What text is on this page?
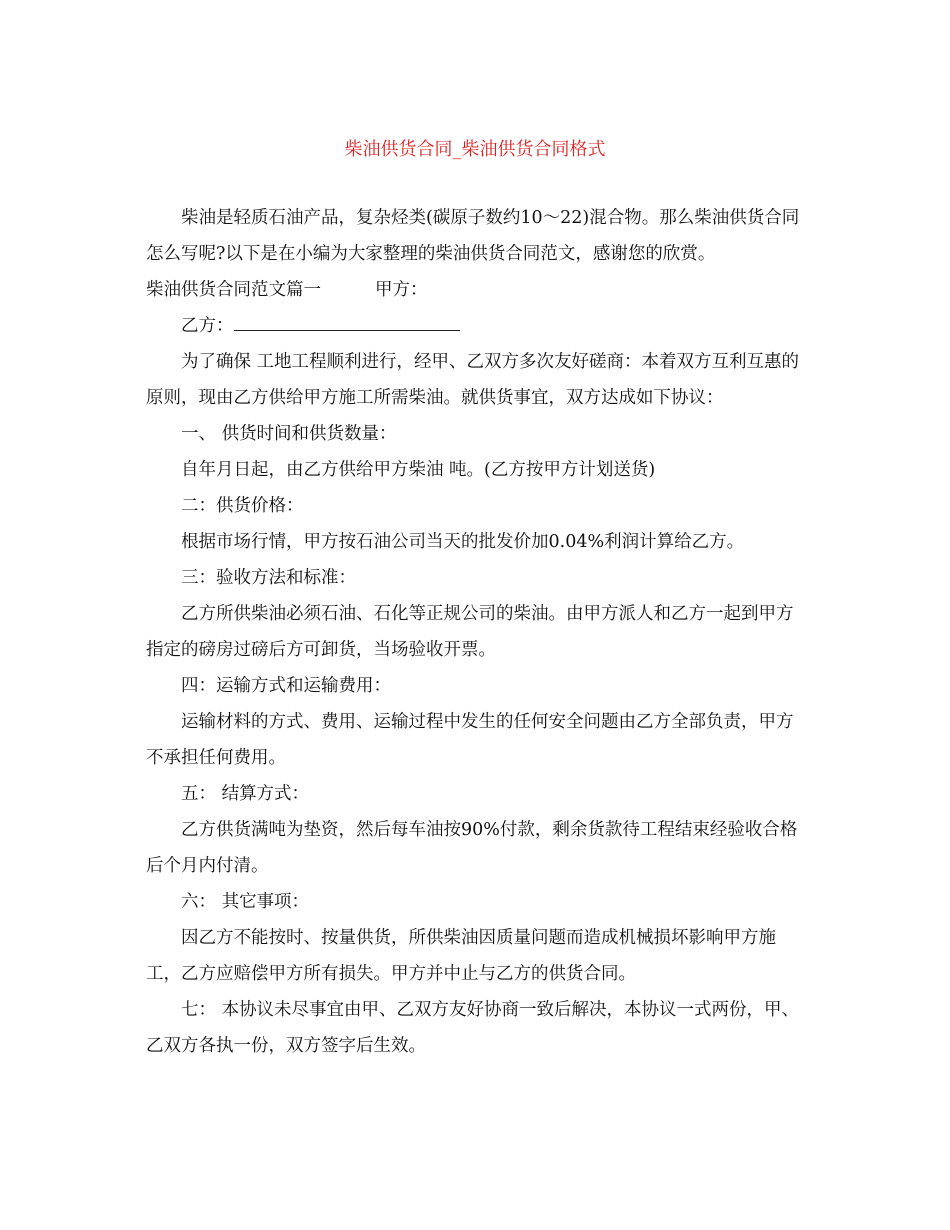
柴油供货合同_柴油供货合同格式

柴油是轻质石油产品，复杂烃类(碳原子数约10～22)混合物。那么柴油供货合同怎么写呢?以下是在小编为大家整理的柴油供货合同范文，感谢您的欣赏。

柴油供货合同范文篇一	甲方：

乙方：

为了确保 工地工程顺利进行，经甲、乙双方多次友好磋商：本着双方互利互惠的原则，现由乙方供给甲方施工所需柴油。就供货事宜，双方达成如下协议：

一、 供货时间和供货数量：

自年月日起，由乙方供给甲方柴油 吨。(乙方按甲方计划送货)

二：供货价格：

根据市场行情，甲方按石油公司当天的批发价加0.04%利润计算给乙方。

三：验收方法和标准：

乙方所供柴油必须石油、石化等正规公司的柴油。由甲方派人和乙方一起到甲方指定的磅房过磅后方可卸货，当场验收开票。

四：运输方式和运输费用：

运输材料的方式、费用、运输过程中发生的任何安全问题由乙方全部负责，甲方不承担任何费用。

五： 结算方式：

乙方供货满吨为垫资，然后每车油按90%付款，剩余货款待工程结束经验收合格后个月内付清。

六： 其它事项：

因乙方不能按时、按量供货，所供柴油因质量问题而造成机械损坏影响甲方施工，乙方应赔偿甲方所有损失。甲方并中止与乙方的供货合同。

七： 本协议未尽事宜由甲、乙双方友好协商一致后解决，本协议一式两份，甲、乙双方各执一份，双方签字后生效。
